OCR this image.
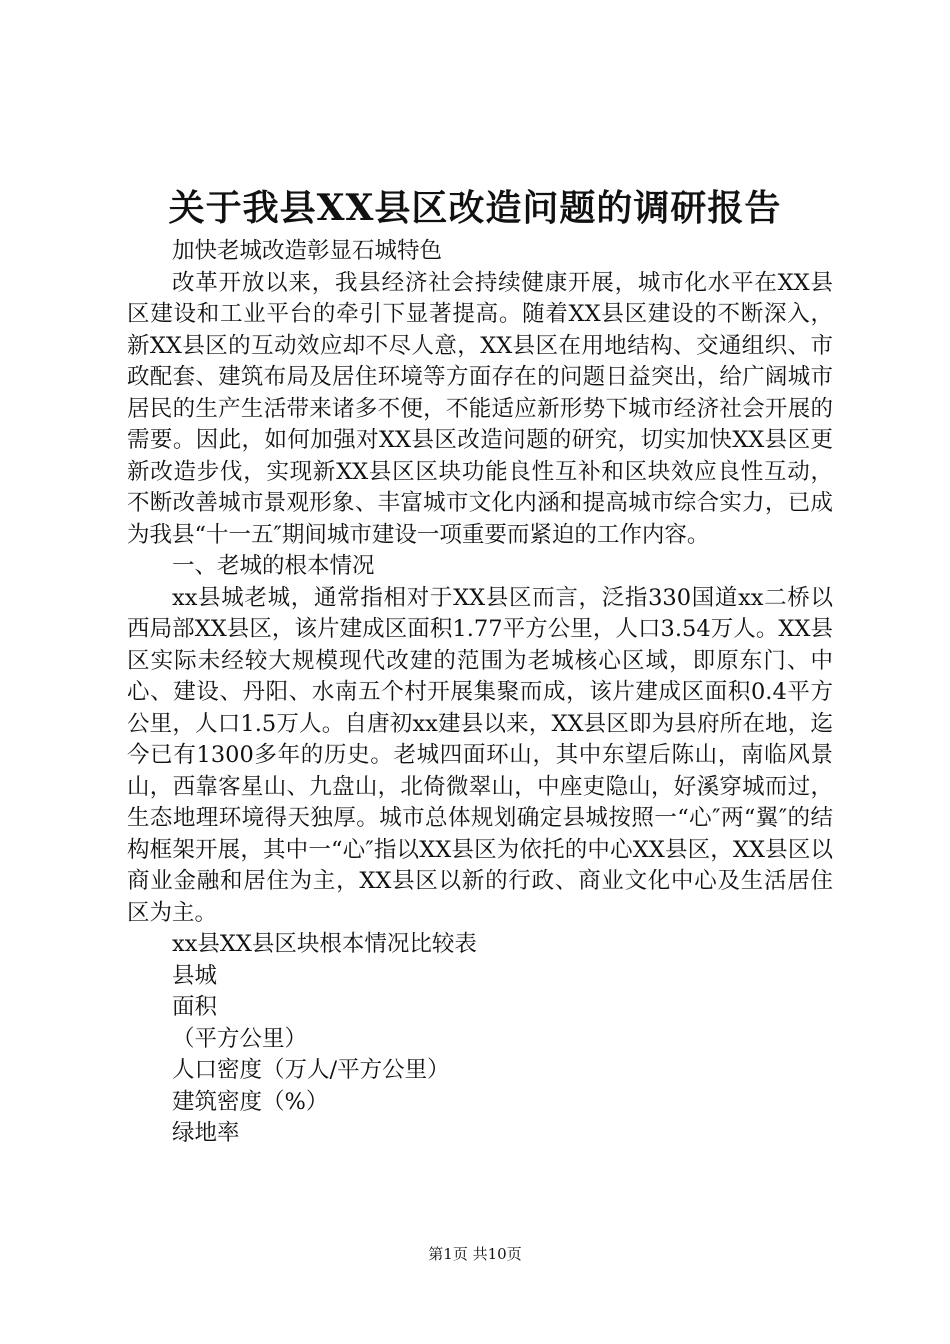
关于我县XX县区改造问题的调研报告

加快老城改造彰显石城特色

改革开放以来，我县经济社会持续健康开展，城市化水平在XX县区建设和工业平台的牵引下显著提高。随着XX县区建设的不断深入，新XX县区的互动效应却不尽人意，XX县区在用地结构、交通组织、市政配套、建筑布局及居住环境等方面存在的问题日益突出，给广阔城市居民的生产生活带来诸多不便，不能适应新形势下城市经济社会开展的需要。因此，如何加强对XX县区改造问题的研究，切实加快XX县区更新改造步伐，实现新XX县区区块功能良性互补和区块效应良性互动，不断改善城市景观形象、丰富城市文化内涵和提高城市综合实力，已成为我县“十一五″期间城市建设一项重要而紧迫的工作内容。

一、老城的根本情况

xx县城老城，通常指相对于XX县区而言，泛指330国道xx二桥以西局部XX县区，该片建成区面积1.77平方公里，人口3.54万人。XX县区实际未经较大规模现代改建的范围为老城核心区域，即原东门、中心、建设、丹阳、水南五个村开展集聚而成，该片建成区面积0.4平方公里，人口1.5万人。自唐初xx建县以来，XX县区即为县府所在地，迄今已有1300多年的历史。老城四面环山，其中东望后陈山，南临风景山，西靠客星山、九盘山，北倚微翠山，中座吏隐山，好溪穿城而过，生态地理环境得天独厚。城市总体规划确定县城按照一“心″两“翼″的结构框架开展，其中一“心″指以XX县区为依托的中心XX县区，XX县区以商业金融和居住为主，XX县区以新的行政、商业文化中心及生活居住区为主。

xx县XX县区块根本情况比较表

县城

面积

（平方公里）

人口密度（万人/平方公里）

建筑密度（%）

绿地率

第1页 共10页
